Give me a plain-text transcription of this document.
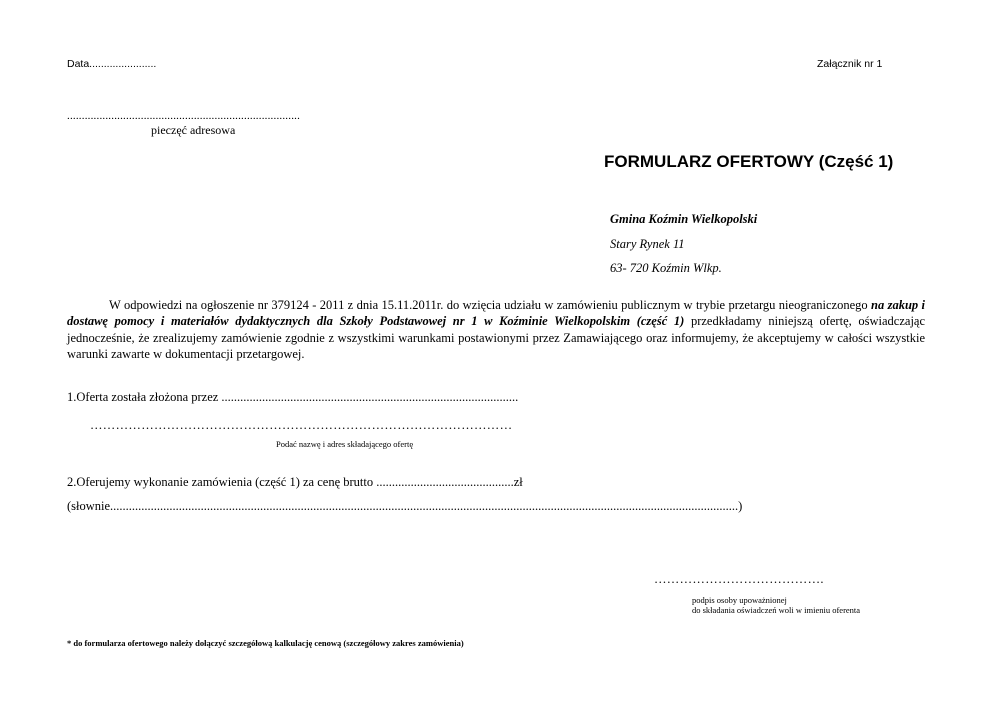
Data.......................	Załącznik nr 1
...............................................................................
pieczęć adresowa
FORMULARZ OFERTOWY (Część 1)
Gmina Koźmin Wielkopolski
Stary Rynek 11
63- 720 Koźmin Wlkp.
W odpowiedzi na ogłoszenie nr 379124 - 2011 z dnia 15.11.2011r. do wzięcia udziału w zamówieniu publicznym w trybie przetargu nieograniczonego na zakup i dostawę pomocy i materiałów dydaktycznych dla Szkoły Podstawowej nr 1 w Koźminie Wielkopolskim (część 1) przedkładamy niniejszą ofertę, oświadczając jednocześnie, że zrealizujemy zamówienie zgodnie z wszystkimi warunkami postawionymi przez Zamawiającego oraz informujemy, że akceptujemy w całości wszystkie warunki zawarte w dokumentacji przetargowej.
1.Oferta została złożona przez ...............................................................................................
………………………………………………………………………………………
Podać nazwę i adres składającego ofertę
2.Oferujemy wykonanie zamówienia (część 1) za cenę brutto ............................................zł
(słownie.........................................................................................................................................................................................................)
………………………………….
podpis osoby upoważnionej
do składania oświadczeń woli w imieniu oferenta
* do formularza ofertowego należy dołączyć szczegółową kalkulację cenową (szczegółowy zakres zamówienia)
